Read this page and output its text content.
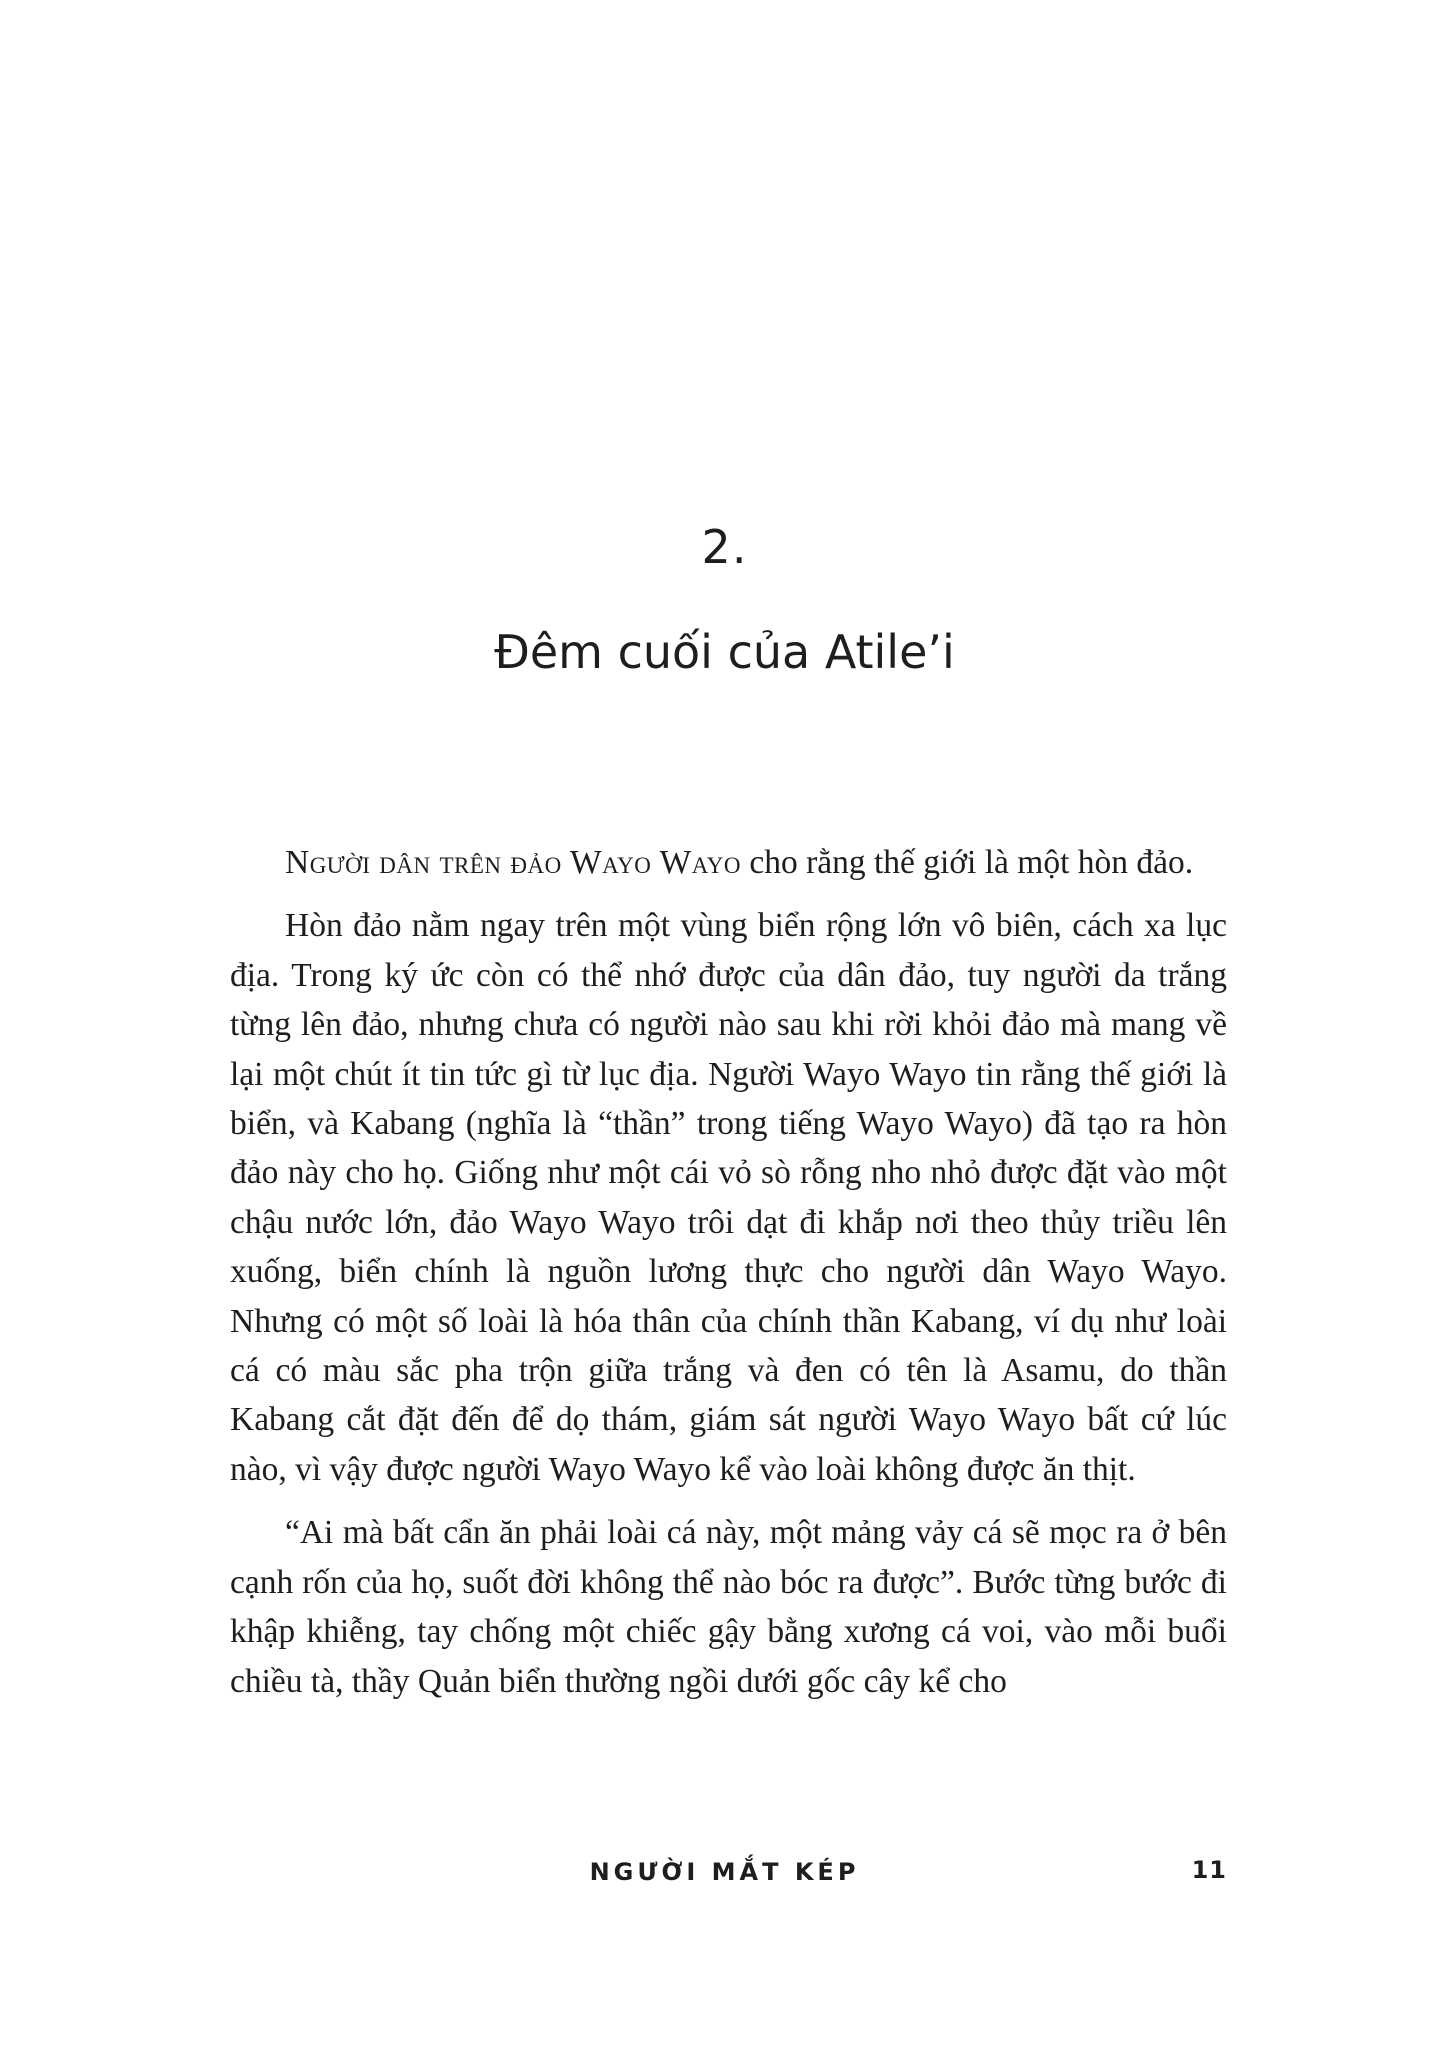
2.
Đêm cuối của Atile’i

Người dân trên đảo Wayo Wayo cho rằng thế giới là một hòn đảo.

Hòn đảo nằm ngay trên một vùng biển rộng lớn vô biên, cách xa lục địa. Trong ký ức còn có thể nhớ được của dân đảo, tuy người da trắng từng lên đảo, nhưng chưa có người nào sau khi rời khỏi đảo mà mang về lại một chút ít tin tức gì từ lục địa. Người Wayo Wayo tin rằng thế giới là biển, và Kabang (nghĩa là “thần” trong tiếng Wayo Wayo) đã tạo ra hòn đảo này cho họ. Giống như một cái vỏ sò rỗng nho nhỏ được đặt vào một chậu nước lớn, đảo Wayo Wayo trôi dạt đi khắp nơi theo thủy triều lên xuống, biển chính là nguồn lương thực cho người dân Wayo Wayo. Nhưng có một số loài là hóa thân của chính thần Kabang, ví dụ như loài cá có màu sắc pha trộn giữa trắng và đen có tên là Asamu, do thần Kabang cắt đặt đến để dọ thám, giám sát người Wayo Wayo bất cứ lúc nào, vì vậy được người Wayo Wayo kể vào loài không được ăn thịt.

“Ai mà bất cẩn ăn phải loài cá này, một mảng vảy cá sẽ mọc ra ở bên cạnh rốn của họ, suốt đời không thể nào bóc ra được”. Bước từng bước đi khập khiễng, tay chống một chiếc gậy bằng xương cá voi, vào mỗi buổi chiều tà, thầy Quản biển thường ngồi dưới gốc cây kể cho

NGƯỜI MẮT KÉP	11
